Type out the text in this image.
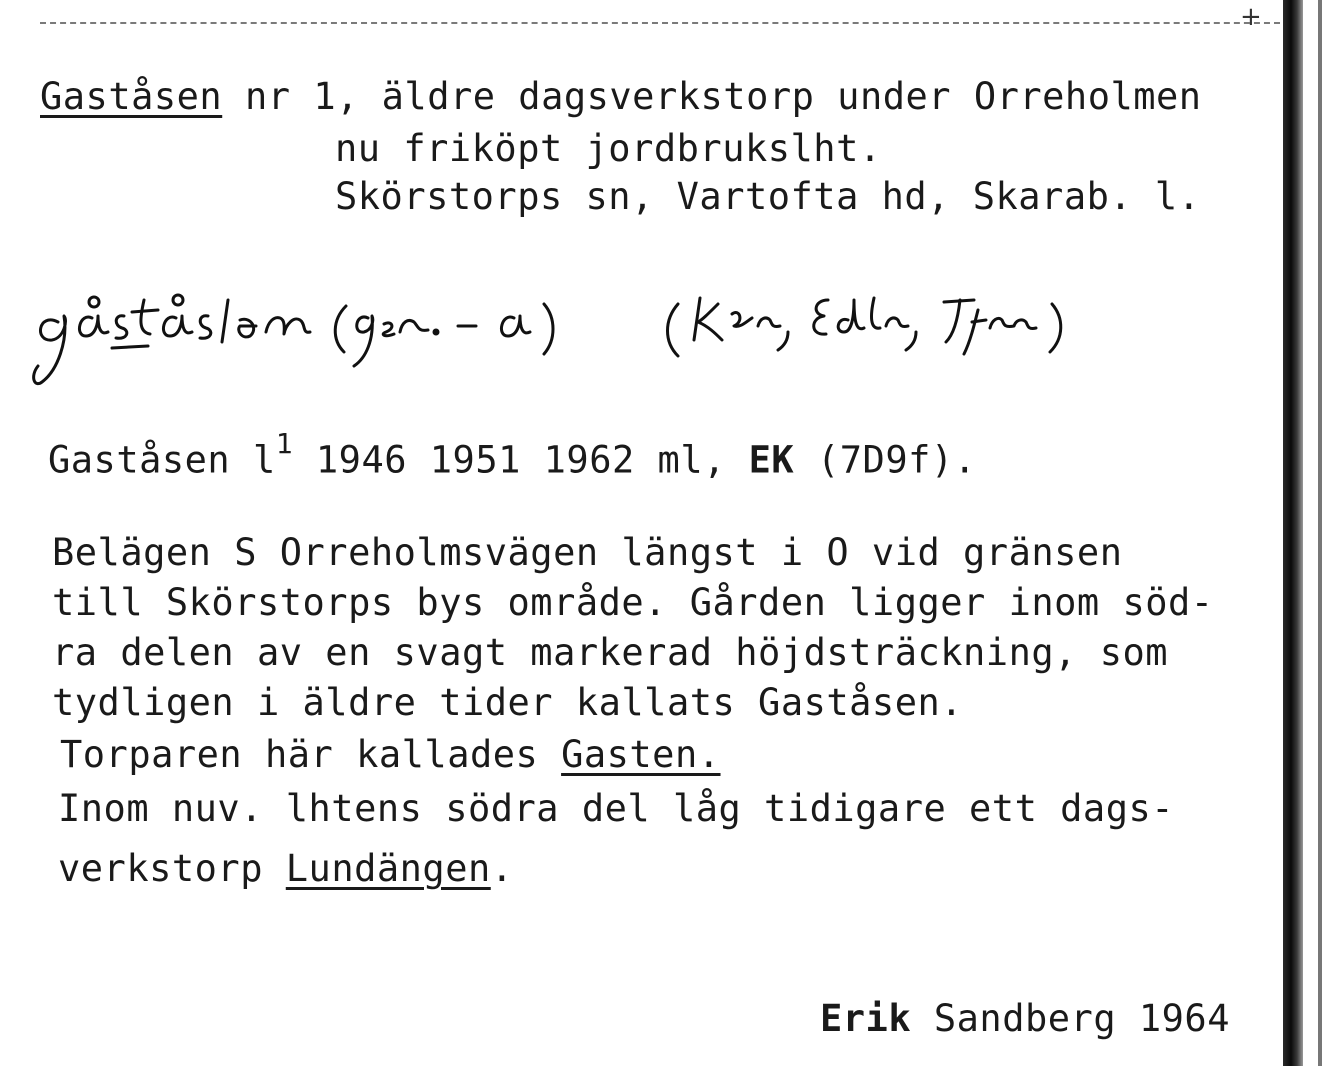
+
Gaståsen nr 1, äldre dagsverkstorp under Orreholmen
nu friköpt jordbrukslht.
Skörstorps sn, Vartofta hd, Skarab. l.
gåståsən (gen. -a) (Ktm, Edln, Tfm)
Gaståsen $l^1$ 1946 1951 1962 ml, EK (7D9f).
Belägen S Orreholmsvägen längst i O vid gränsen
till Skörstorps bys område. Gården ligger inom söd-
ra delen av en svagt markerad höjdsträckning, som
tydligen i äldre tider kallats Gaståsen.
Torparen här kallades Gasten.
Inom nuv. lhtens södra del låg tidigare ett dags-
verkstorp Lundängen.
Erik Sandberg 1964
